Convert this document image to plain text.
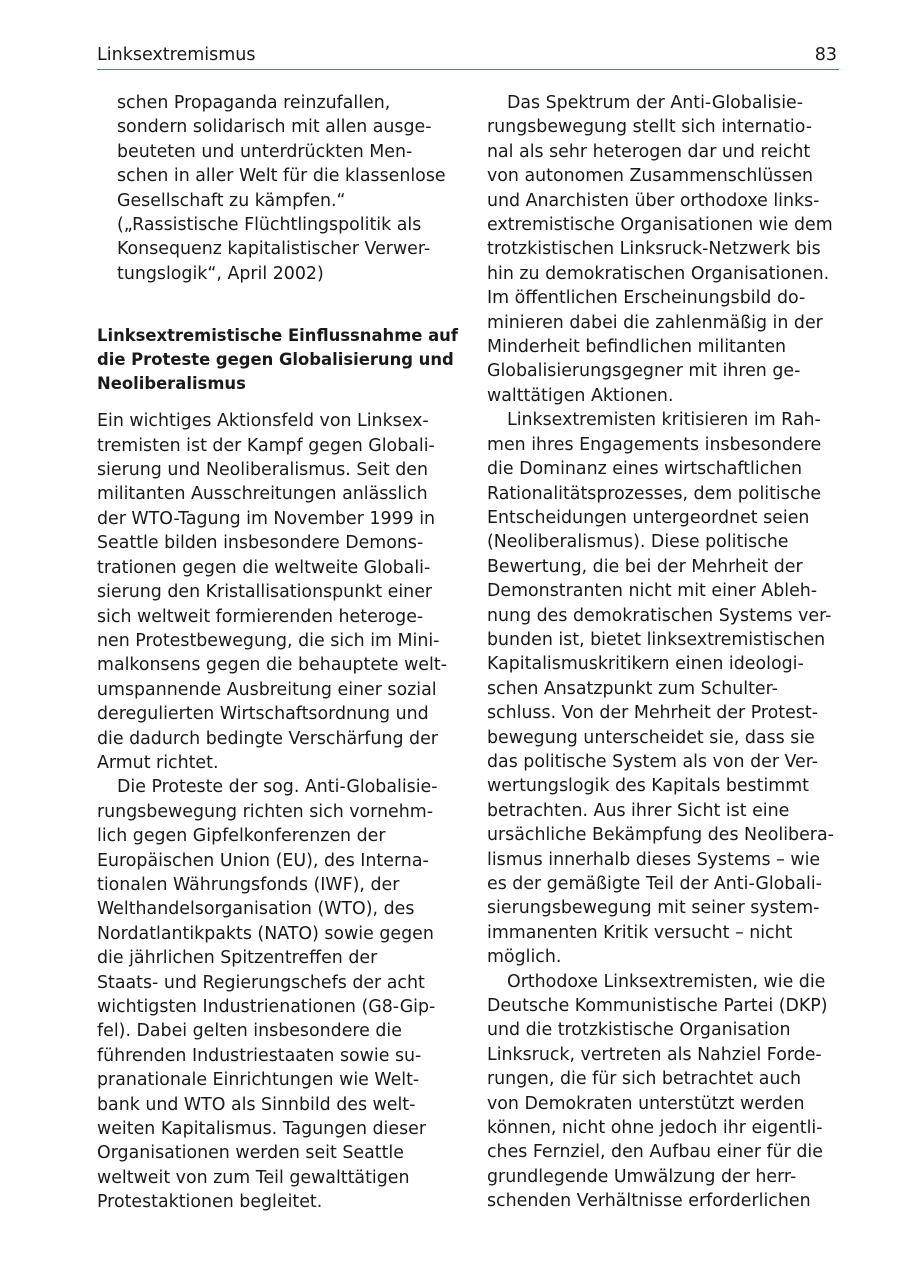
Linksextremismus	83
schen Propaganda reinzufallen,
sondern solidarisch mit allen ausge-
beuteten und unterdrückten Men-
schen in aller Welt für die klassenlose
Gesellschaft zu kämpfen.“
(„Rassistische Flüchtlingspolitik als
Konsequenz kapitalistischer Verwer-
tungslogik“, April 2002)
Linksextremistische Einflussnahme auf
die Proteste gegen Globalisierung und
Neoliberalismus
Ein wichtiges Aktionsfeld von Linksex-
tremisten ist der Kampf gegen Globali-
sierung und Neoliberalismus. Seit den
militanten Ausschreitungen anlässlich
der WTO-Tagung im November 1999 in
Seattle bilden insbesondere Demons-
trationen gegen die weltweite Globali-
sierung den Kristallisationspunkt einer
sich weltweit formierenden heteroge-
nen Protestbewegung, die sich im Mini-
malkonsens gegen die behauptete welt-
umspannende Ausbreitung einer sozial
deregulierten Wirtschaftsordnung und
die dadurch bedingte Verschärfung der
Armut richtet.
Die Proteste der sog. Anti-Globalisie-
rungsbewegung richten sich vornehm-
lich gegen Gipfelkonferenzen der
Europäischen Union (EU), des Interna-
tionalen Währungsfonds (IWF), der
Welthandelsorganisation (WTO), des
Nordatlantikpakts (NATO) sowie gegen
die jährlichen Spitzentreffen der
Staats- und Regierungschefs der acht
wichtigsten Industrienationen (G8-Gip-
fel). Dabei gelten insbesondere die
führenden Industriestaaten sowie su-
pranationale Einrichtungen wie Welt-
bank und WTO als Sinnbild des welt-
weiten Kapitalismus. Tagungen dieser
Organisationen werden seit Seattle
weltweit von zum Teil gewalttätigen
Protestaktionen begleitet.
Das Spektrum der Anti-Globalisie-
rungsbewegung stellt sich internatio-
nal als sehr heterogen dar und reicht
von autonomen Zusammenschlüssen
und Anarchisten über orthodoxe links-
extremistische Organisationen wie dem
trotzkistischen Linksruck-Netzwerk bis
hin zu demokratischen Organisationen.
Im öffentlichen Erscheinungsbild do-
minieren dabei die zahlenmäßig in der
Minderheit befindlichen militanten
Globalisierungsgegner mit ihren ge-
walttätigen Aktionen.
Linksextremisten kritisieren im Rah-
men ihres Engagements insbesondere
die Dominanz eines wirtschaftlichen
Rationalitätsprozesses, dem politische
Entscheidungen untergeordnet seien
(Neoliberalismus). Diese politische
Bewertung, die bei der Mehrheit der
Demonstranten nicht mit einer Ableh-
nung des demokratischen Systems ver-
bunden ist, bietet linksextremistischen
Kapitalismuskritikern einen ideologi-
schen Ansatzpunkt zum Schulter-
schluss. Von der Mehrheit der Protest-
bewegung unterscheidet sie, dass sie
das politische System als von der Ver-
wertungslogik des Kapitals bestimmt
betrachten. Aus ihrer Sicht ist eine
ursächliche Bekämpfung des Neolibera-
lismus innerhalb dieses Systems – wie
es der gemäßigte Teil der Anti-Globali-
sierungsbewegung mit seiner system-
immanenten Kritik versucht – nicht
möglich.
Orthodoxe Linksextremisten, wie die
Deutsche Kommunistische Partei (DKP)
und die trotzkistische Organisation
Linksruck, vertreten als Nahziel Forde-
rungen, die für sich betrachtet auch
von Demokraten unterstützt werden
können, nicht ohne jedoch ihr eigentli-
ches Fernziel, den Aufbau einer für die
grundlegende Umwälzung der herr-
schenden Verhältnisse erforderlichen
